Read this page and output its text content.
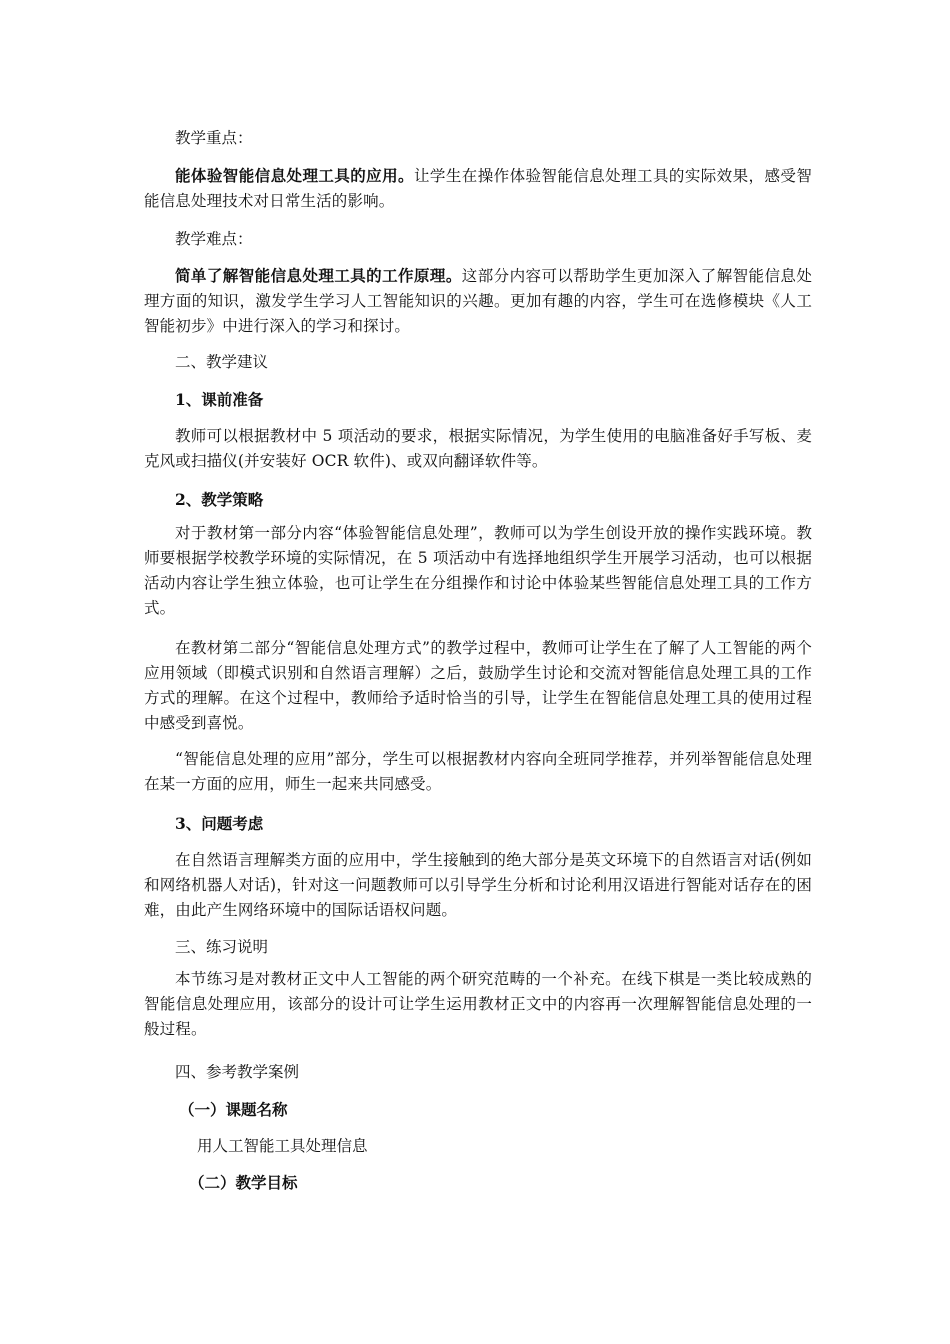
教学重点：

能体验智能信息处理工具的应用。让学生在操作体验智能信息处理工具的实际效果，感受智能信息处理技术对日常生活的影响。

教学难点：

简单了解智能信息处理工具的工作原理。这部分内容可以帮助学生更加深入了解智能信息处理方面的知识，激发学生学习人工智能知识的兴趣。更加有趣的内容，学生可在选修模块《人工智能初步》中进行深入的学习和探讨。

二、教学建议

1、课前准备

教师可以根据教材中 5 项活动的要求，根据实际情况，为学生使用的电脑准备好手写板、麦克风或扫描仪(并安装好 OCR 软件)、或双向翻译软件等。

2、教学策略

对于教材第一部分内容“体验智能信息处理”，教师可以为学生创设开放的操作实践环境。教师要根据学校教学环境的实际情况，在 5 项活动中有选择地组织学生开展学习活动，也可以根据活动内容让学生独立体验，也可让学生在分组操作和讨论中体验某些智能信息处理工具的工作方式。

在教材第二部分“智能信息处理方式”的教学过程中，教师可让学生在了解了人工智能的两个应用领域（即模式识别和自然语言理解）之后，鼓励学生讨论和交流对智能信息处理工具的工作方式的理解。在这个过程中，教师给予适时恰当的引导，让学生在智能信息处理工具的使用过程中感受到喜悦。

“智能信息处理的应用”部分，学生可以根据教材内容向全班同学推荐，并列举智能信息处理在某一方面的应用，师生一起来共同感受。

3、问题考虑

在自然语言理解类方面的应用中，学生接触到的绝大部分是英文环境下的自然语言对话(例如和网络机器人对话)，针对这一问题教师可以引导学生分析和讨论利用汉语进行智能对话存在的困难，由此产生网络环境中的国际话语权问题。

三、练习说明

本节练习是对教材正文中人工智能的两个研究范畴的一个补充。在线下棋是一类比较成熟的智能信息处理应用，该部分的设计可让学生运用教材正文中的内容再一次理解智能信息处理的一般过程。

四、参考教学案例

（一）课题名称

用人工智能工具处理信息

（二）教学目标
